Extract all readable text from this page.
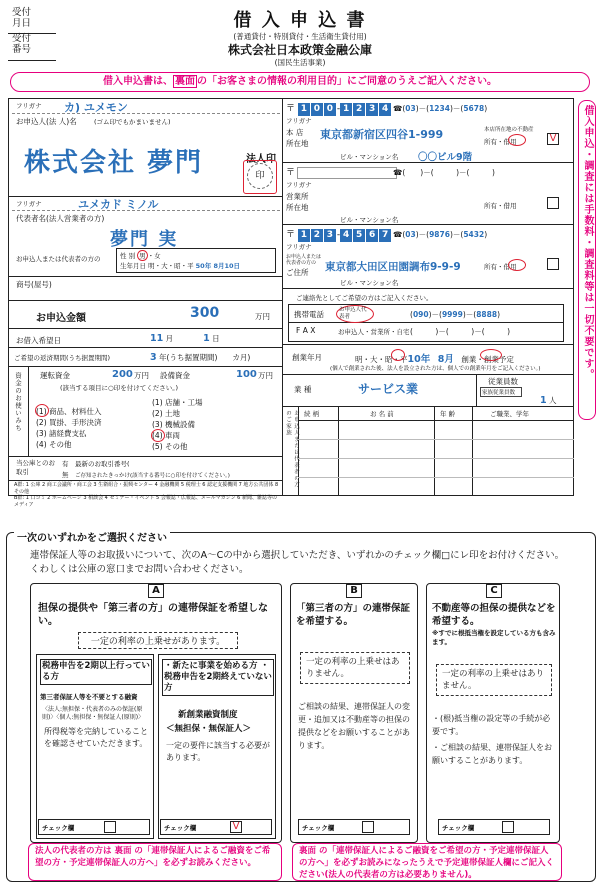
受付
月日
受付
番号
借 入 申 込 書
(普通貸付・特別貸付・生活衛生貸付用)
株式会社日本政策金融公庫
(国民生活事業)
借入申込書は、 裏面 の「お客さまの情報の利用目的」にご同意のうえご記入ください。
借入申込・調査には手数料・調査料等は一切不要です。
フリガナ カ) ユメモン
お申込人(法 人)名	(ゴム印でもかまいません)
株式会社 夢門	法人印
印
フリガナ	ユメカド ミノル
代表者名(法人営業者の方)
夢門 実
お申込人または代表者の方の	性 別 男 ・女
生年月日 明・大・昭・平 50年 8月10日
商号(屋号)
お申込金額	300	万円
お借入希望日	11 月　　　　	1 日
ご希望の返済期間(うち据置期間)	3 年(うち据置期間)　　 カ月)
資金のお使いみち 運転資金	200 万円 設備資金	100 万円
(該当する項目に○印を付けてください。)
(1) 商品、材料仕入
(2) 買掛、手形決済
(3) 諸経費支払
(4) その他
(1) 店舗・工場
(2) 土地
(3) 機械設備
(4) 車両
(5) その他
当公庫とのお取引
有　 最新のお取引番号(
無　 ご存知されたきっかけ(該当する番号に○印を付けてください。)
A群: 1 公庫 2 商工会議所・商工会 3 生衛組合・振興センター 4 金融機関 5 税理士 6 認定支援機関 7 地方公共団体 8 その他
B群: 1 口コミ 2 ホームページ 3 相談会 4 セミナー・イベント 5 会報誌・広報誌、メールマガジン 6 新聞、雑誌等のメディア
〒 1 0 0 - 1 2 3 4 ☎(03)－(1234)－(5678)
フリガナ
本 店
所在地
東京都新宿区四谷1-999	本店所在地の不動産
所有・借用	V
ビル・マンション名 〇〇ビル9階
〒	☎(　　)－(　　　)－(　　　)
フリガナ
営業所
所在地	所有・借用
ビル・マンション名
〒 1 2 3 - 4 5 6 7 ☎(03)－(9876)－(5432)
フリガナ
お申込人または代表者の方の
ご住所 東京都大田区田園調布9-9-9	所有・借用
ビル・マンション名
ご連絡先としてご希望の方はご記入ください。
携帯電話	お申込人代表者	(090)－(9999)－(8888)
F A X	お申込人・営業所・自宅 (　　　)－(　　　)－(　　　)
創業年月	明・大・昭・平10年　 8月　 創業・創業予定
(個人で創業された後、法人を設立された方は、個人での創業年月をご記入ください。)
業 種	サービス業
従業員数
家族従業員数
1 人
お申込人または代表者の方のご家族	続 柄	お 名 前	年 齢	ご職業、学年
一次のいずれかをご選択ください
連帯保証人等のお取扱いについて、次のA～Cの中から選択していただき、いずれかのチェック欄□にレ印をお付けください。くわしくは公庫の窓口までお問い合わせください。
A
担保の提供や「第三者の方」の連帯保証を希望しない。
一定の利率の上乗せがあります。
税務申告を2期以上行っている方
第三者保証人等を不要とする融資
〈法人:無担保・代表者のみの保証(原則)〉〈個人:無担保・無保証人(原則)〉
所得税等を完納していることを確認させていただきます。
チェック欄
・新たに事業を始める方 ・税務申告を2期終えていない方
新創業融資制度
＜無担保・無保証人＞
一定の要件に該当する必要があります。
チェック欄	V
B
「第三者の方」の連帯保証を希望する。
一定の利率の上乗せはありません。
ご相談の結果、連帯保証人の変更・追加又は不動産等の担保の提供などをお願いすることがあります。
チェック欄
C
不動産等の担保の提供などを希望する。
※すでに根抵当権を設定している方も含みます。
一定の利率の上乗せはありません。
・(根)抵当権の設定等の手続が必要です。
・ご相談の結果、連帯保証人をお願いすることがあります。
チェック欄
法人の代表者の方は 裏面 の「連帯保証人によるご融資をご希望の方・予定連帯保証人の方へ」を必ずお読みください。
裏面 の「連帯保証人によるご融資をご希望の方・予定連帯保証人の方へ」を必ずお読みになったうえで予定連帯保証人欄にご記入ください(法人の代表者の方は必要ありません)。
